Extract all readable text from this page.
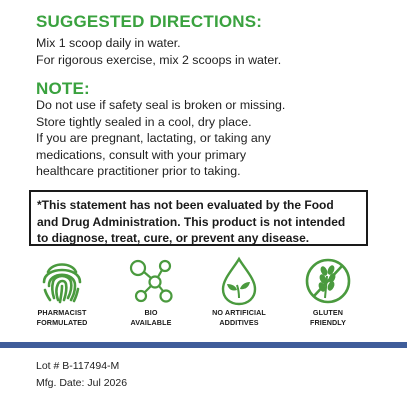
SUGGESTED DIRECTIONS:
Mix 1 scoop daily in water.
For rigorous exercise, mix 2 scoops in water.
NOTE:
Do not use if safety seal is broken or missing.
Store tightly sealed in a cool, dry place.
If you are pregnant, lactating, or taking any
medications, consult with your primary
healthcare practitioner prior to taking.
*This statement has not been evaluated by the Food
and Drug Administration. This product is not intended
to diagnose, treat, cure, or prevent any disease.
PHARMACIST
FORMULATED
BIO
AVAILABLE
NO ARTIFICIAL
ADDITIVES
GLUTEN
FRIENDLY
Lot # B-117494-M
Mfg. Date: Jul 2026
